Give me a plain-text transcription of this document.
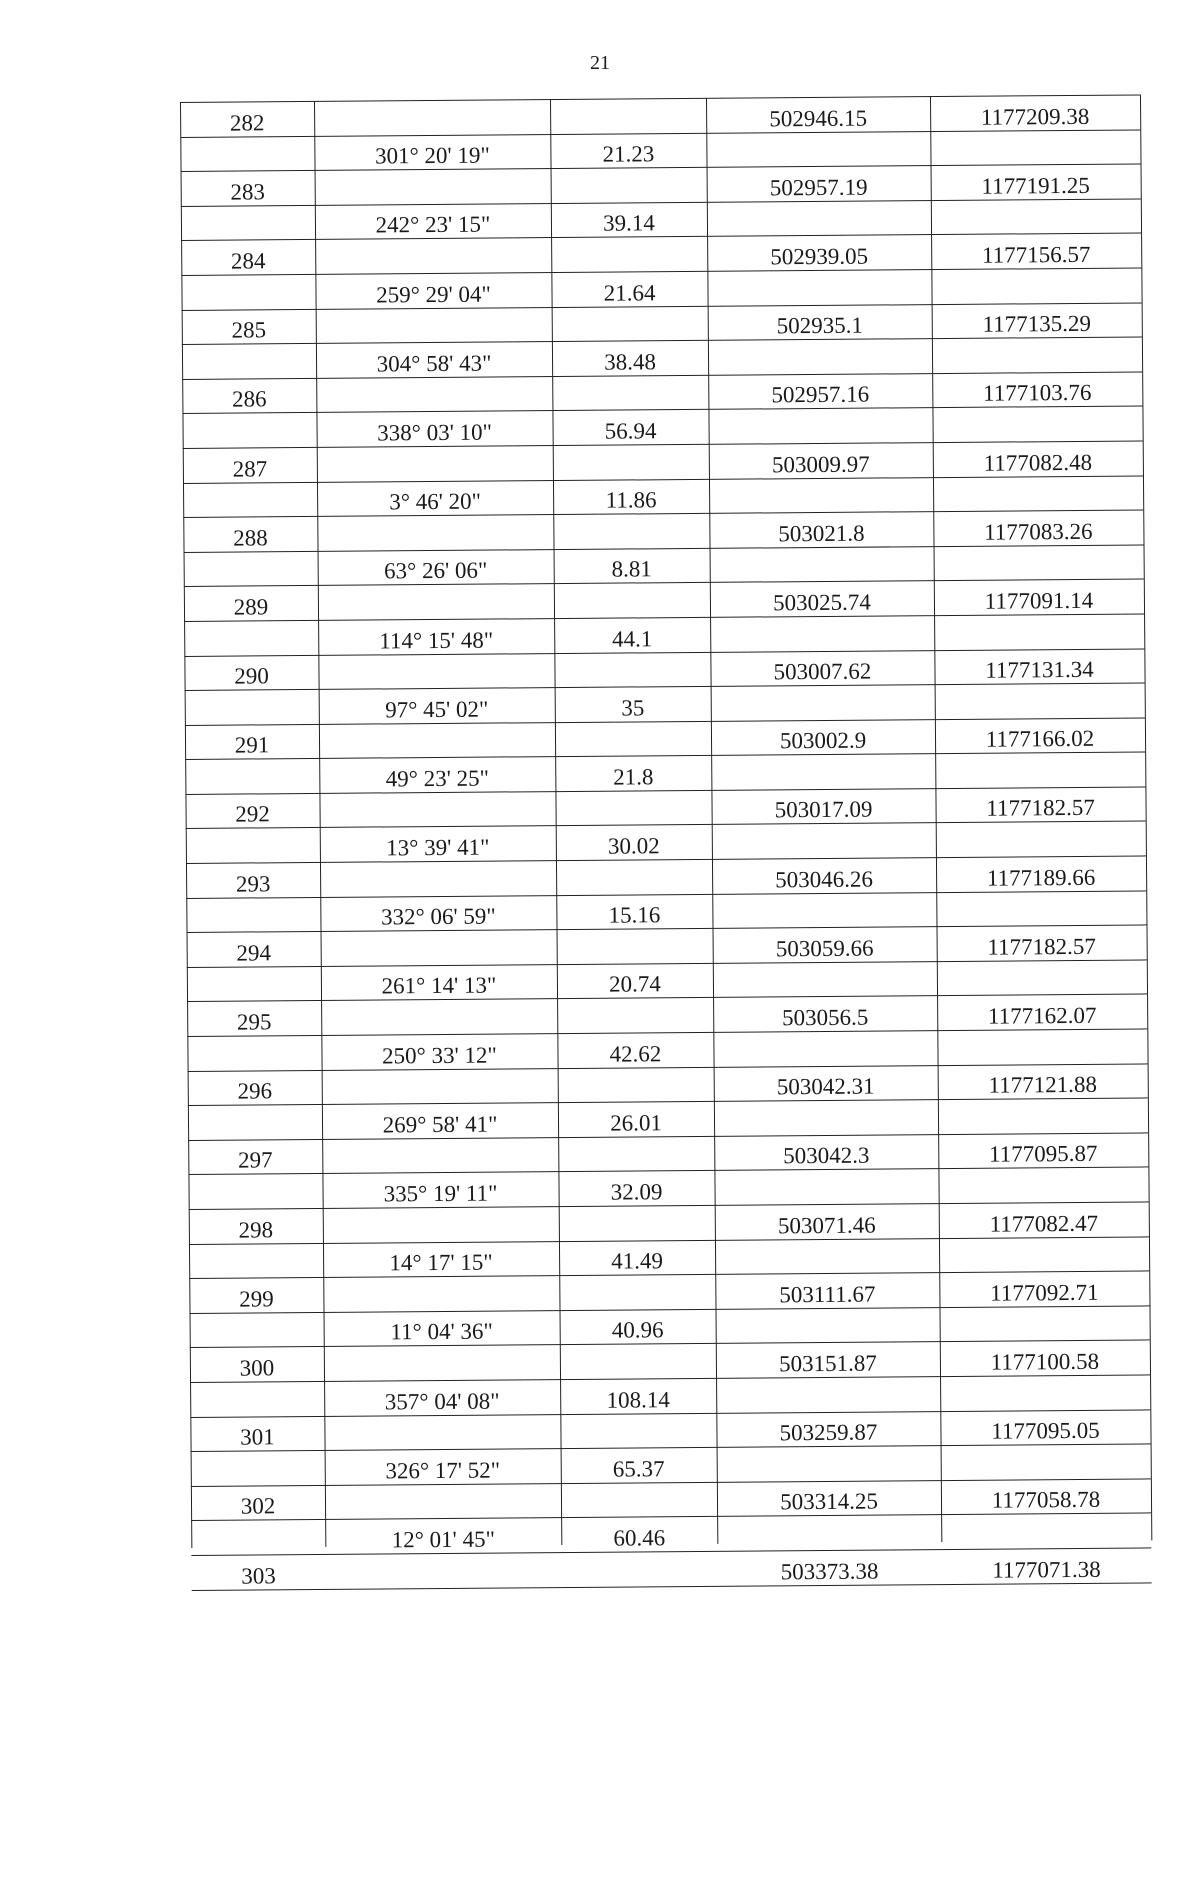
21
282	502946.15	1177209.38
301° 20' 19"	21.23
283	502957.19	1177191.25
242° 23' 15"	39.14
284	502939.05	1177156.57
259° 29' 04"	21.64
285	502935.1	1177135.29
304° 58' 43"	38.48
286	502957.16	1177103.76
338° 03' 10"	56.94
287	503009.97	1177082.48
3° 46' 20"	11.86
288	503021.8	1177083.26
63° 26' 06"	8.81
289	503025.74	1177091.14
114° 15' 48"	44.1
290	503007.62	1177131.34
97° 45' 02"	35
291	503002.9	1177166.02
49° 23' 25"	21.8
292	503017.09	1177182.57
13° 39' 41"	30.02
293	503046.26	1177189.66
332° 06' 59"	15.16
294	503059.66	1177182.57
261° 14' 13"	20.74
295	503056.5	1177162.07
250° 33' 12"	42.62
296	503042.31	1177121.88
269° 58' 41"	26.01
297	503042.3	1177095.87
335° 19' 11"	32.09
298	503071.46	1177082.47
14° 17' 15"	41.49
299	503111.67	1177092.71
11° 04' 36"	40.96
300	503151.87	1177100.58
357° 04' 08"	108.14
301	503259.87	1177095.05
326° 17' 52"	65.37
302	503314.25	1177058.78
12° 01' 45"	60.46
303	503373.38	1177071.38
